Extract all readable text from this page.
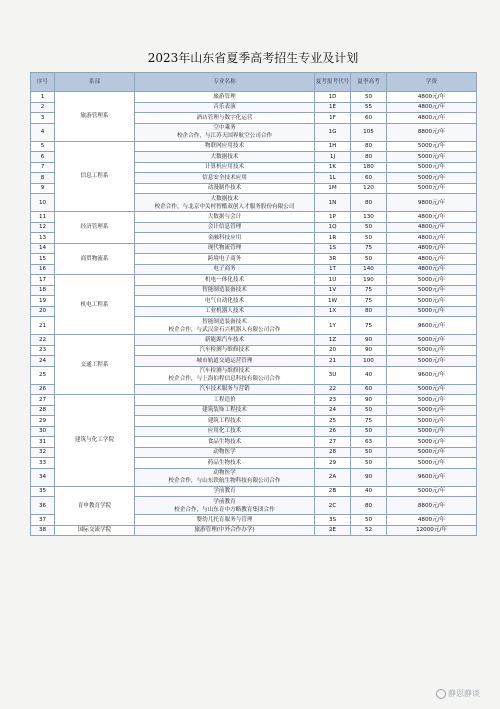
2023年山东省夏季高考招生专业及计划
序号	系部	专业名称	夏考报考代号	夏季高考	学费
1	旅游管理系	旅游管理	1D	50	4800元/年
2		音乐表演	1E	55	4800元/年
3		酒店管理与数字化运营	1F	60	4800元/年
4		空中乘务
校企合作，与江苏天国界航空公司合作	1G	105	8800元/年
5	信息工程系	物联网应用技术	1H	80	5000元/年
6		大数据技术	1J	80	5000元/年
7		计算机应用技术	1K	180	5000元/年
8		信息安全技术应用	1L	60	5000元/年
9		动漫制作技术	1M	120	5000元/年
10		大数据技术
校企合作，与北京中关村智酷双创人才服务股份有限公司	1N	80	9800元/年
11	经济管理系	大数据与会计	1P	130	4800元/年
12		会计信息管理	1Q	50	4800元/年
13		金融科技应用	1R	50	4800元/年
14	商贸物流系	现代物流管理	1S	75	4800元/年
15		跨境电子商务	3R	50	4800元/年
16		电子商务	1T	140	4800元/年
17	机电工程系	机电一体化技术	1U	190	5000元/年
18		智能制造装备技术	1V	75	5000元/年
19		电气自动化技术	1W	75	5000元/年
20		工业机器人技术	1X	80	5000元/年
21		智能制造装备技术
校企合作，与武汉金石兴机器人有限公司合作	1Y	75	9600元/年
22	交通工程系	新能源汽车技术	1Z	90	5000元/年
23		汽车检测与维修技术	20	90	5000元/年
24		城市轨道交通运营管理	21	100	5000元/年
25		汽车检测与维修技术
校企合作，与上海伯程信息科技有限公司合作	3U	40	9600元/年
26		汽车技术服务与营销	22	60	5000元/年
27	建筑与化工学院	工程造价	23	90	5000元/年
28		建筑装饰工程技术	24	50	5000元/年
29		建筑工程技术	25	75	5000元/年
30		应用化工技术	26	50	5000元/年
31		食品生物技术	27	63	5000元/年
32		动物医学	28	50	5000元/年
33		药品生物技术	29	50	5000元/年
34		动物医学
校企合作，与山东铁航生物科技有限公司合作	2A	90	9600元/年
35	育申教育学院	学前教育	2B	40	5000元/年
36		学前教育
校企合作，与山东育中方略教育集团合作	2C	80	8800元/年
37		婴幼儿托育服务与管理	3S	50	4800元/年
38	国际交流学院	旅游管理(中外合作办学)	2E	52	12000元/年
静思静谈
